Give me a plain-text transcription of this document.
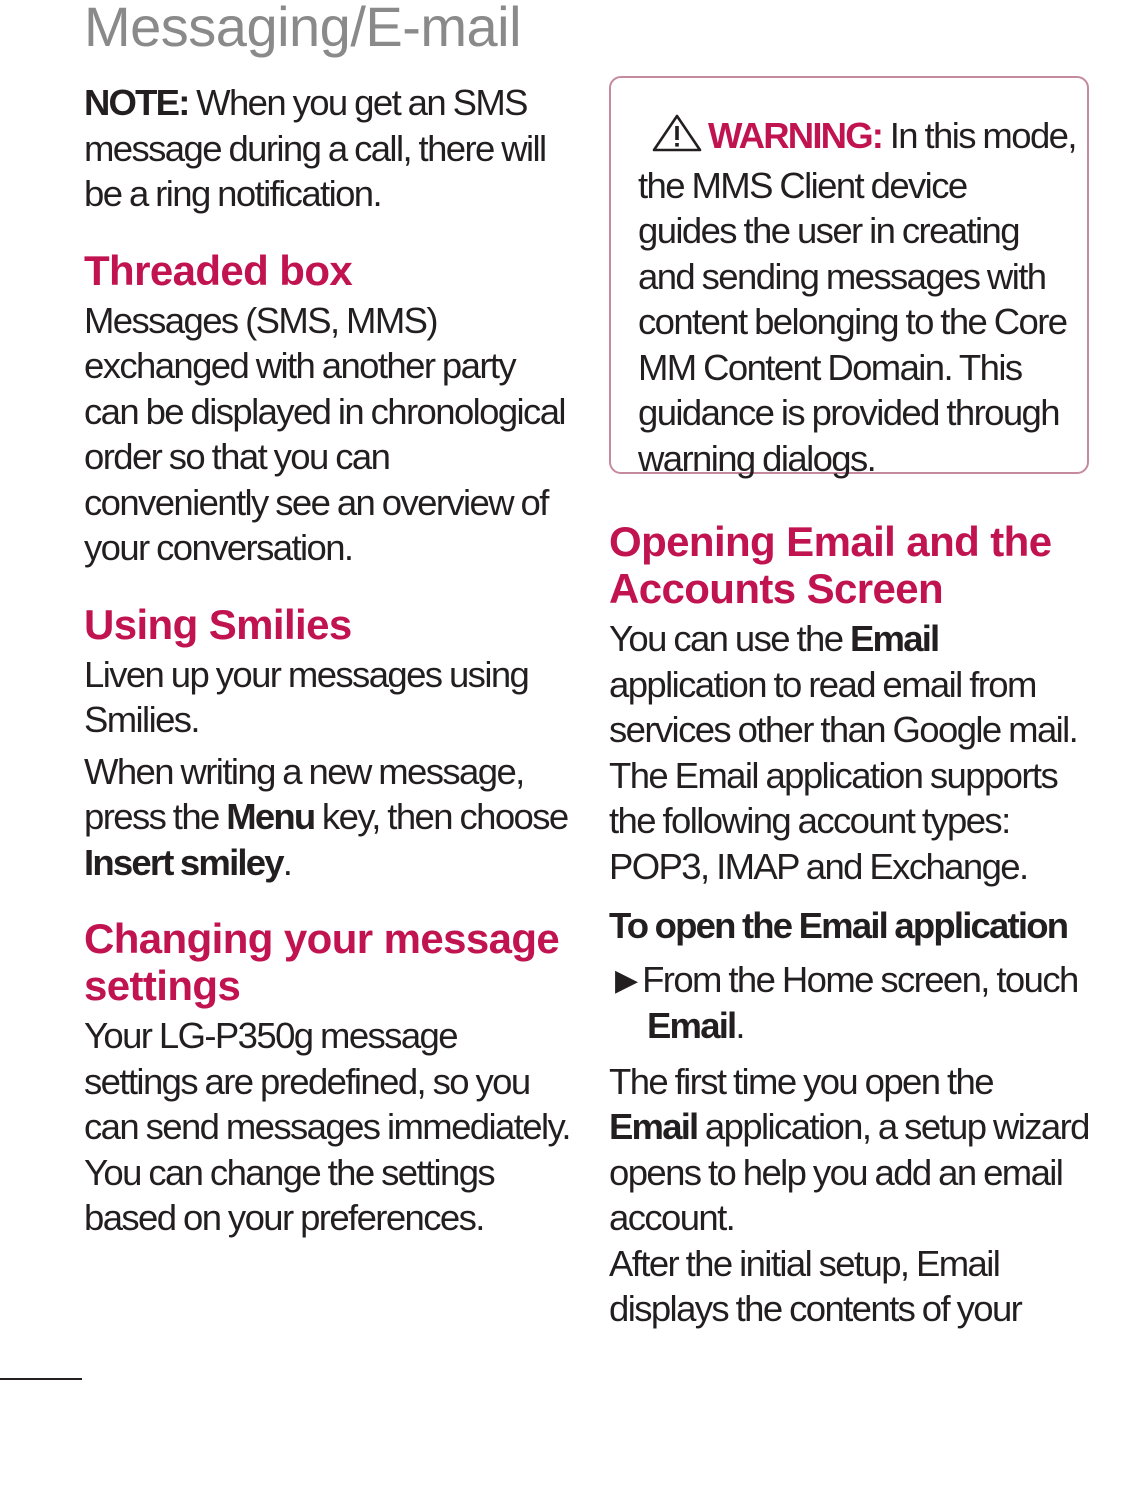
Messaging/E-mail
NOTE: When you get an SMS
message during a call, there will
be a ring notification.
Threaded box
Messages (SMS, MMS)
exchanged with another party
can be displayed in chronological
order so that you can
conveniently see an overview of
your conversation.
Using Smilies
Liven up your messages using
Smilies.
When writing a new message,
press the Menu key, then choose
Insert smiley.
Changing your message
settings
Your LG-P350g message
settings are predefined, so you
can send messages immediately.
You can change the settings
based on your preferences.
WARNING: In this mode,
the MMS Client device
guides the user in creating
and sending messages with
content belonging to the Core
MM Content Domain. This
guidance is provided through
warning dialogs.
Opening Email and the
Accounts Screen
You can use the Email
application to read email from
services other than Google mail.
The Email application supports
the following account types:
POP3, IMAP and Exchange.
To open the Email application
▶ From the Home screen, touch
Email.
The first time you open the
Email application, a setup wizard
opens to help you add an email
account.
After the initial setup, Email
displays the contents of your
